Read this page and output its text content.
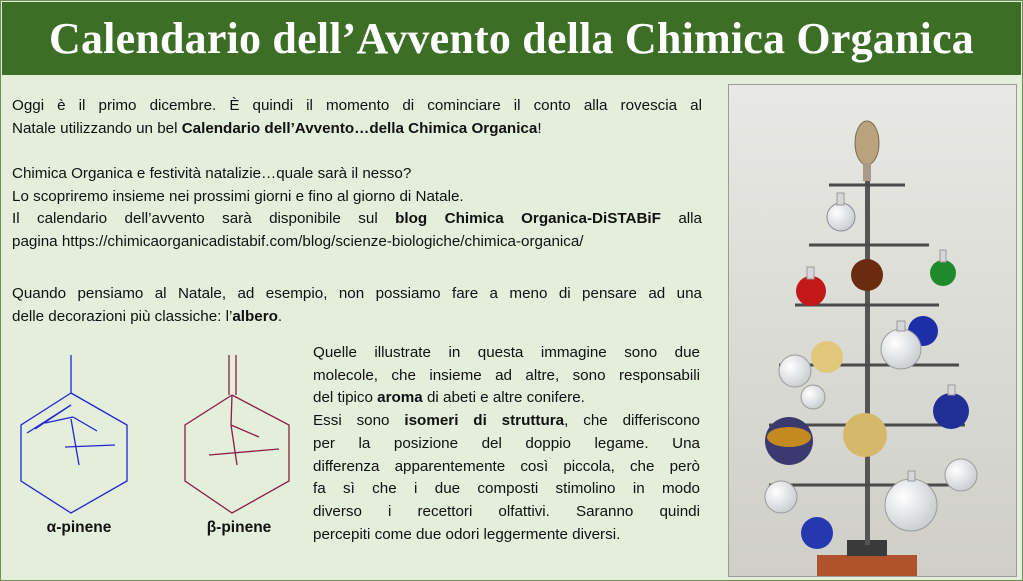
Calendario dell’Avvento della Chimica Organica
Oggi è il primo dicembre. È quindi il momento di cominciare il conto alla rovescia al
Natale utilizzando un bel Calendario dell’Avvento…della Chimica Organica!
Chimica Organica e festività natalizie…quale sarà il nesso?
Lo scopriremo insieme nei prossimi giorni e fino al giorno di Natale.
Il calendario dell’avvento sarà disponibile sul blog Chimica Organica-DiSTABiF alla
pagina https://chimicaorganicadistabif.com/blog/scienze-biologiche/chimica-organica/
Quando pensiamo al Natale, ad esempio, non possiamo fare a meno di pensare ad una
delle decorazioni più classiche: l’albero.
α-pinene	β-pinene
Quelle illustrate in questa immagine sono due
molecole, che insieme ad altre, sono responsabili
del tipico aroma di abeti e altre conifere.
Essi sono isomeri di struttura, che differiscono
per la posizione del doppio legame. Una
differenza apparentemente così piccola, che però
fa sì che i due composti stimolino in modo
diverso i recettori olfattivi. Saranno quindi
percepiti come due odori leggermente diversi.
